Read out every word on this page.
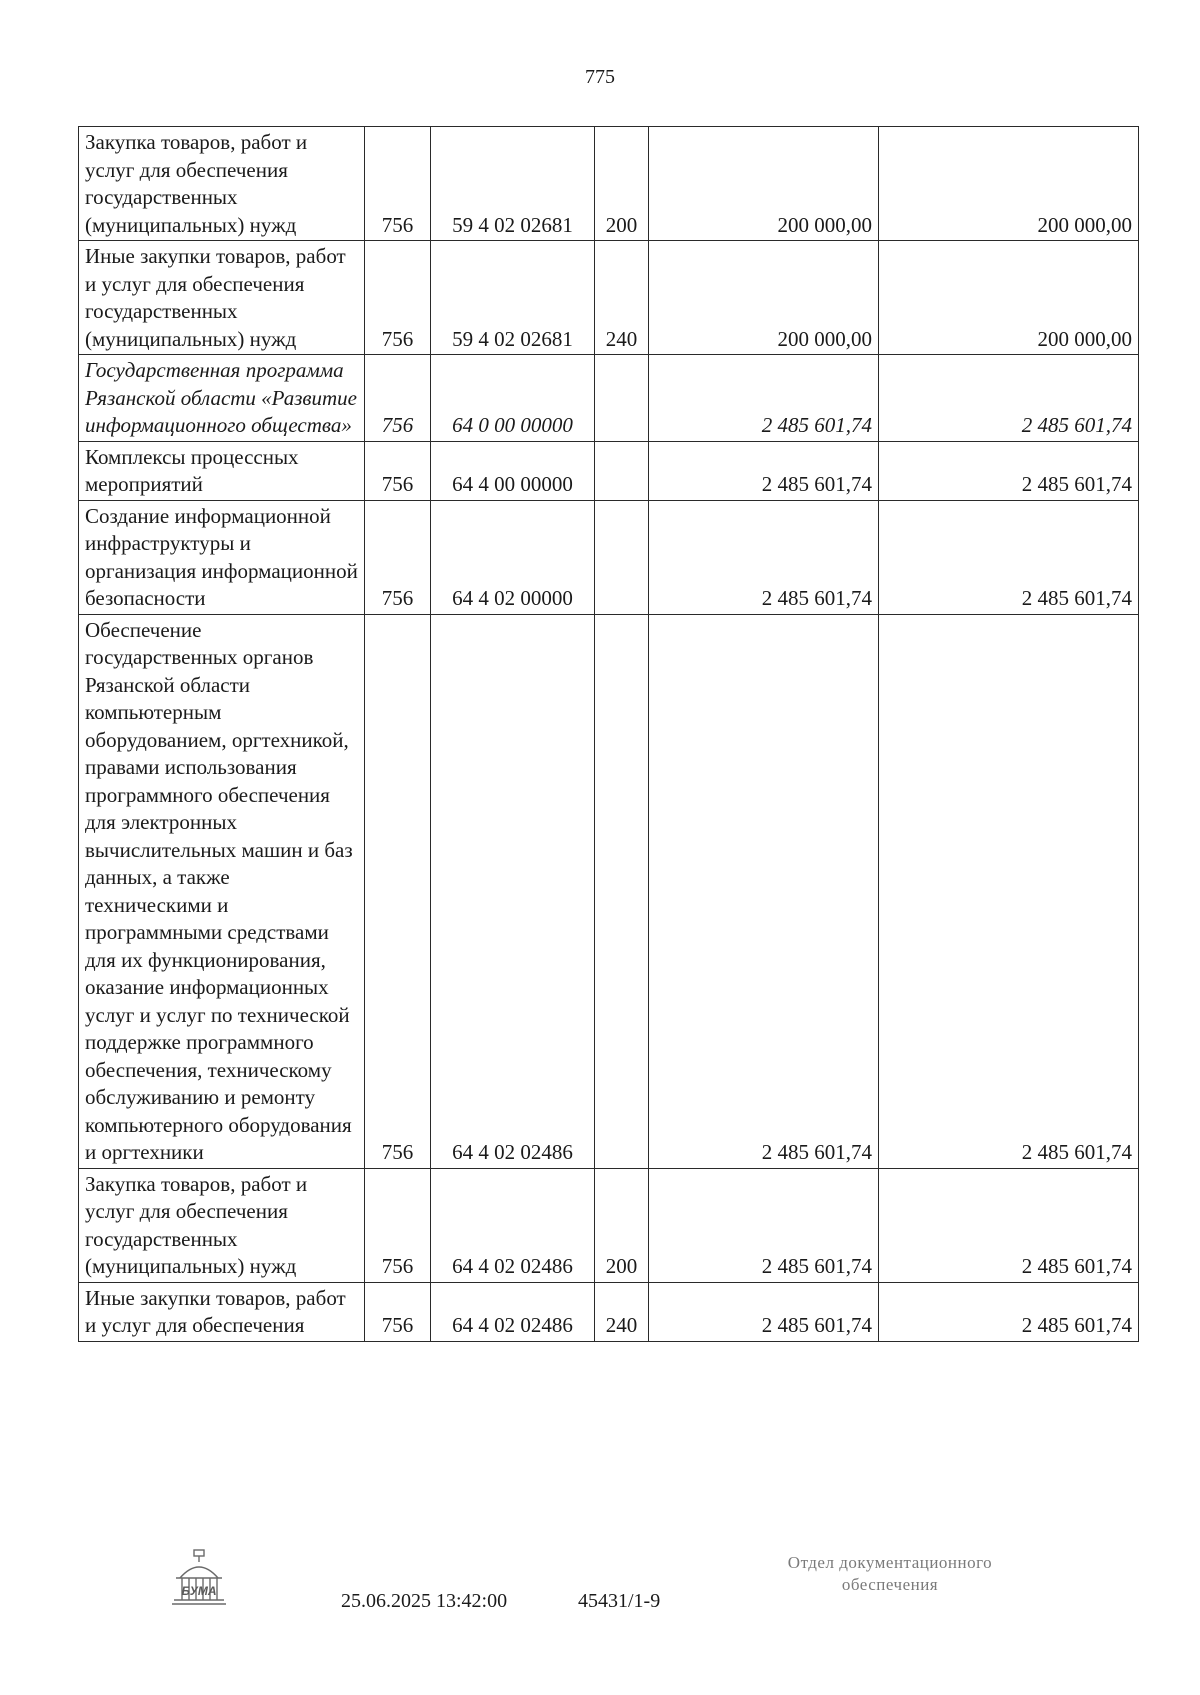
775
Закупка товаров, работ и услуг для обеспечения государственных (муниципальных) нужд	756	59 4 02 02681	200	200 000,00	200 000,00
Иные закупки товаров, работ и услуг для обеспечения государственных (муниципальных) нужд	756	59 4 02 02681	240	200 000,00	200 000,00
Государственная программа Рязанской области «Развитие информационного общества»	756	64 0 00 00000		2 485 601,74	2 485 601,74
Комплексы процессных мероприятий	756	64 4 00 00000		2 485 601,74	2 485 601,74
Создание информационной инфраструктуры и организация информационной безопасности	756	64 4 02 00000		2 485 601,74	2 485 601,74
Обеспечение государственных органов Рязанской области компьютерным оборудованием, оргтехникой, правами использования программного обеспечения для электронных вычислительных машин и баз данных, а также техническими и программными средствами для их функционирования, оказание информационных услуг и услуг по технической поддержке программного обеспечения, техническому обслуживанию и ремонту компьютерного оборудования и оргтехники	756	64 4 02 02486		2 485 601,74	2 485 601,74
Закупка товаров, работ и услуг для обеспечения государственных (муниципальных) нужд	756	64 4 02 02486	200	2 485 601,74	2 485 601,74
Иные закупки товаров, работ и услуг для обеспечения	756	64 4 02 02486	240	2 485 601,74	2 485 601,74
БУМА	25.06.2025 13:42:00	45431/1-9
Отдел документационного
обеспечения
